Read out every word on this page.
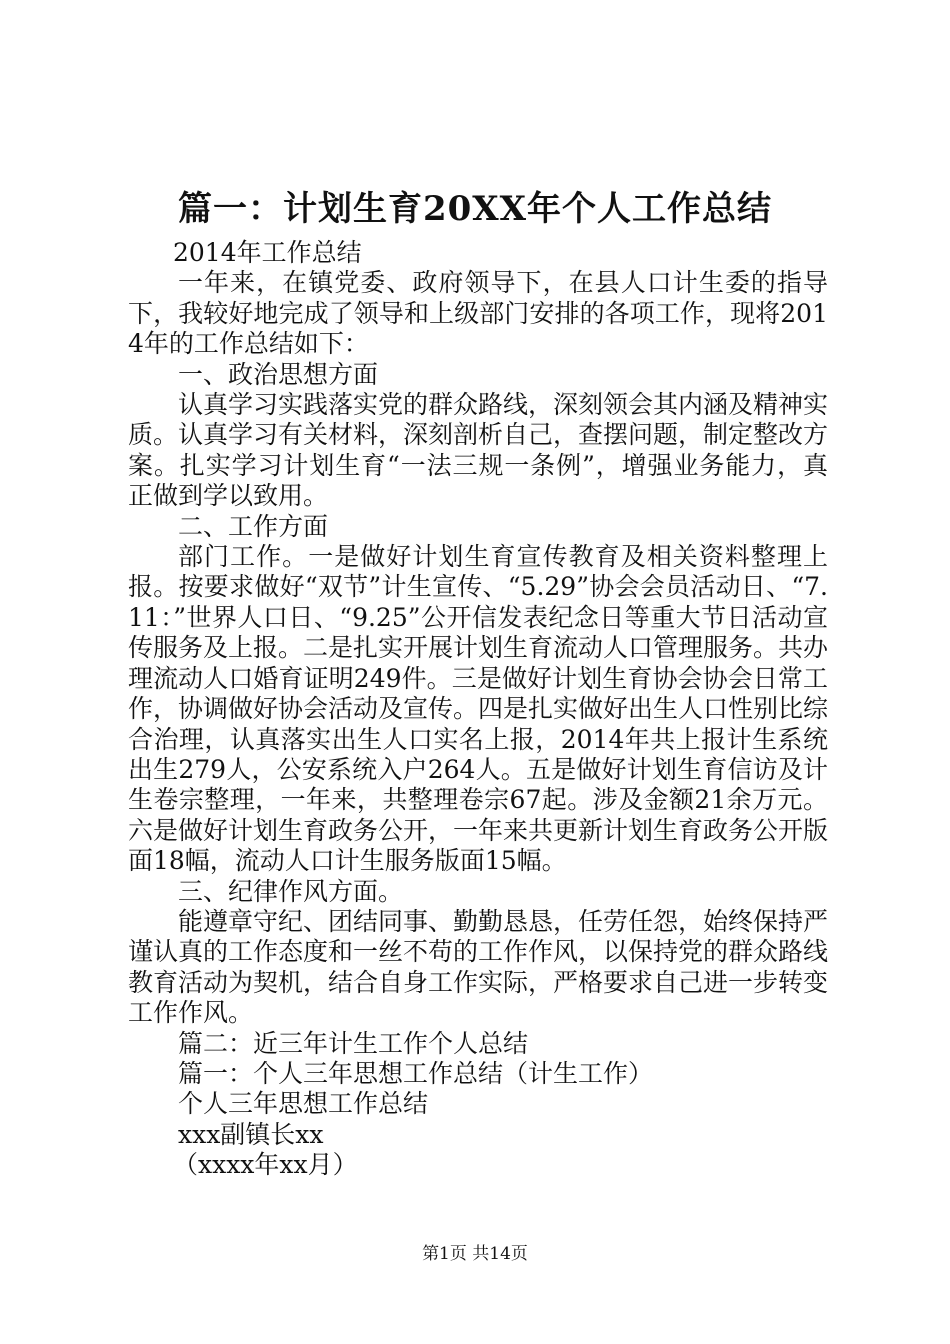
篇一：计划生育20XX年个人工作总结

2014年工作总结

一年来，在镇党委、政府领导下，在县人口计生委的指导下，我较好地完成了领导和上级部门安排的各项工作，现将2014年的工作总结如下：

一、政治思想方面

认真学习实践落实党的群众路线，深刻领会其内涵及精神实质。认真学习有关材料，深刻剖析自己，查摆问题，制定整改方案。扎实学习计划生育“一法三规一条例”，增强业务能力，真正做到学以致用。

二、工作方面

部门工作。一是做好计划生育宣传教育及相关资料整理上报。按要求做好“双节”计生宣传、“5.29”协会会员活动日、“7.11：”世界人口日、“9.25”公开信发表纪念日等重大节日活动宣传服务及上报。二是扎实开展计划生育流动人口管理服务。共办理流动人口婚育证明249件。三是做好计划生育协会协会日常工作，协调做好协会活动及宣传。四是扎实做好出生人口性别比综合治理，认真落实出生人口实名上报，2014年共上报计生系统出生279人，公安系统入户264人。五是做好计划生育信访及计生卷宗整理，一年来，共整理卷宗67起。涉及金额21余万元。六是做好计划生育政务公开，一年来共更新计划生育政务公开版面18幅，流动人口计生服务版面15幅。

三、纪律作风方面。

能遵章守纪、团结同事、勤勤恳恳，任劳任怨，始终保持严谨认真的工作态度和一丝不苟的工作作风，以保持党的群众路线教育活动为契机，结合自身工作实际，严格要求自己进一步转变工作作风。

篇二：近三年计生工作个人总结

篇一：个人三年思想工作总结（计生工作）

个人三年思想工作总结

xxx副镇长xx

（xxxx年xx月）

第1页 共14页
